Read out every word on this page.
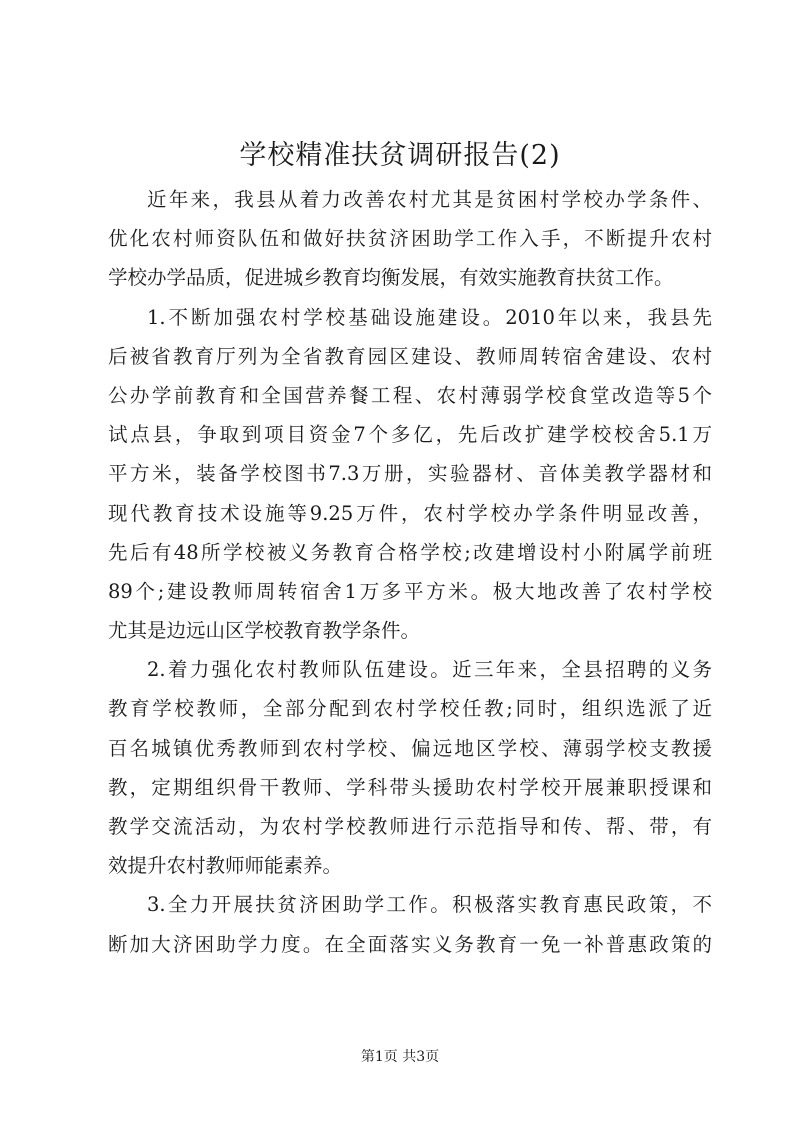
学校精准扶贫调研报告(2)
近年来，我县从着力改善农村尤其是贫困村学校办学条件、
优化农村师资队伍和做好扶贫济困助学工作入手，不断提升农村
学校办学品质，促进城乡教育均衡发展，有效实施教育扶贫工作。
1.不断加强农村学校基础设施建设。2010年以来，我县先
后被省教育厅列为全省教育园区建设、教师周转宿舍建设、农村
公办学前教育和全国营养餐工程、农村薄弱学校食堂改造等5个
试点县，争取到项目资金7个多亿，先后改扩建学校校舍5.1万
平方米，装备学校图书7.3万册，实验器材、音体美教学器材和
现代教育技术设施等9.25万件，农村学校办学条件明显改善，
先后有48所学校被义务教育合格学校;改建增设村小附属学前班
89个;建设教师周转宿舍1万多平方米。极大地改善了农村学校
尤其是边远山区学校教育教学条件。
2.着力强化农村教师队伍建设。近三年来，全县招聘的义务
教育学校教师，全部分配到农村学校任教;同时，组织选派了近
百名城镇优秀教师到农村学校、偏远地区学校、薄弱学校支教援
教，定期组织骨干教师、学科带头援助农村学校开展兼职授课和
教学交流活动，为农村学校教师进行示范指导和传、帮、带，有
效提升农村教师师能素养。
3.全力开展扶贫济困助学工作。积极落实教育惠民政策，不
断加大济困助学力度。在全面落实义务教育一免一补普惠政策的
第1页 共3页
